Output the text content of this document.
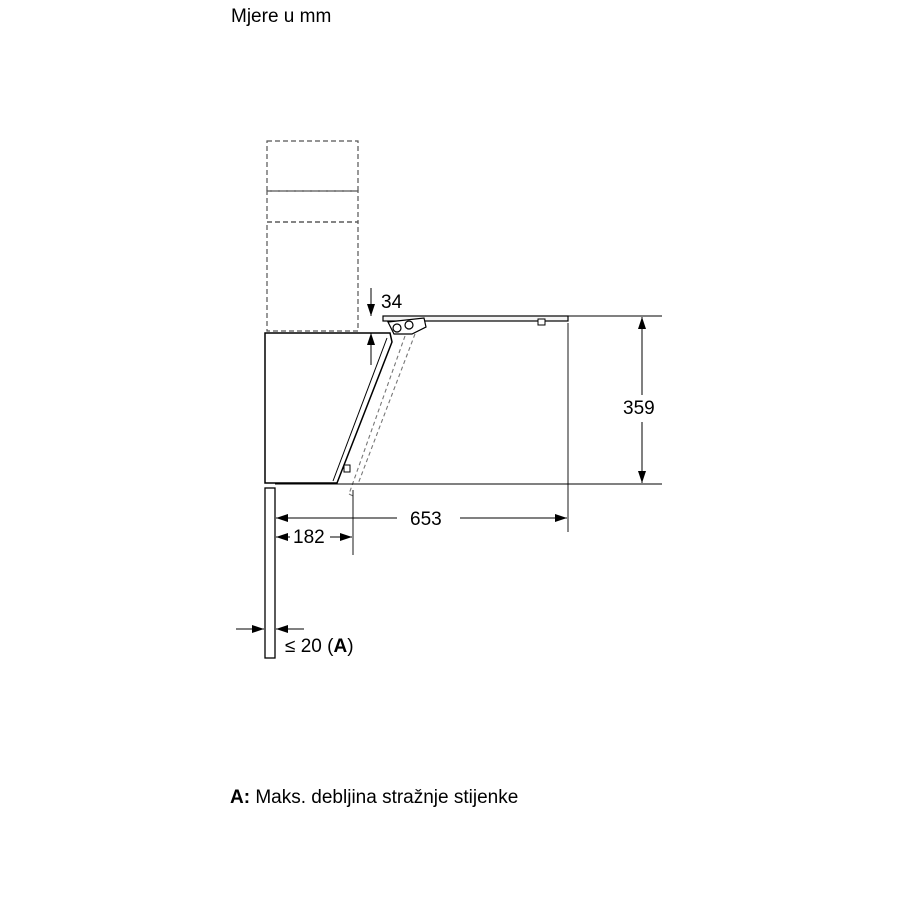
Mjere u mm
34
359
653
182
≤ 20 (A)
A: Maks. debljina stražnje stijenke
